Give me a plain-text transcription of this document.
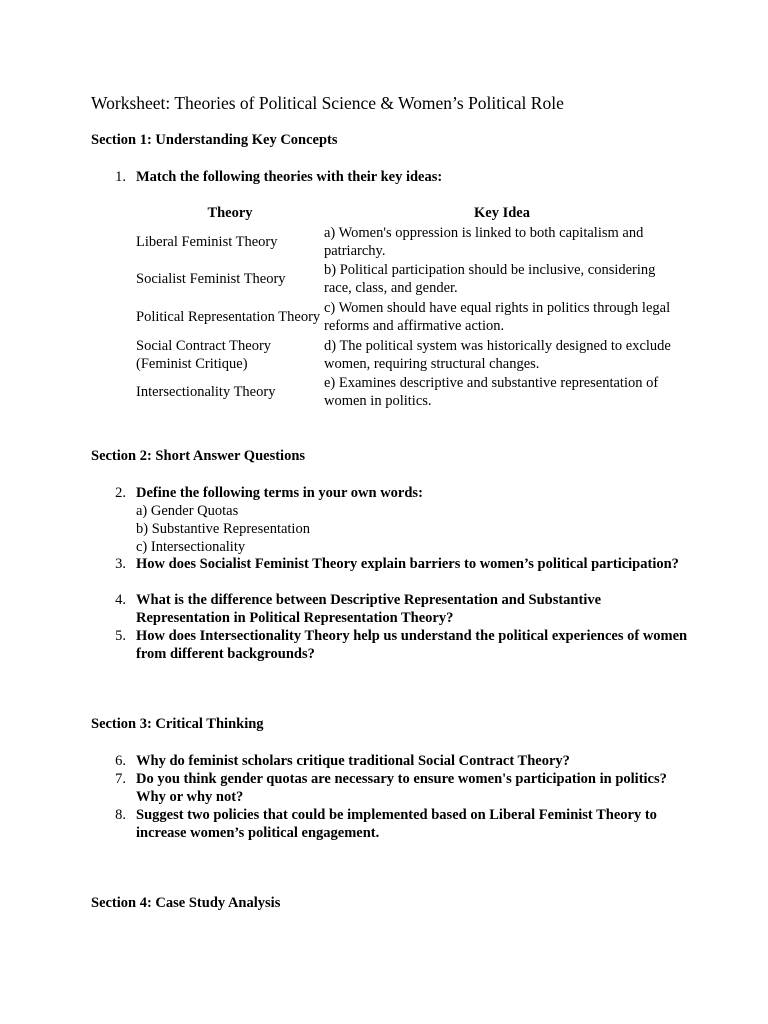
Worksheet: Theories of Political Science & Women’s Political Role
Section 1: Understanding Key Concepts
1. Match the following theories with their key ideas:
Theory	Key Idea
Liberal Feminist Theory	a) Women's oppression is linked to both capitalism and patriarchy.
Socialist Feminist Theory	b) Political participation should be inclusive, considering race, class, and gender.
Political Representation Theory	c) Women should have equal rights in politics through legal reforms and affirmative action.
Social Contract Theory (Feminist Critique)	d) The political system was historically designed to exclude women, requiring structural changes.
Intersectionality Theory	e) Examines descriptive and substantive representation of women in politics.
Section 2: Short Answer Questions
2. Define the following terms in your own words:
a) Gender Quotas
b) Substantive Representation
c) Intersectionality
3. How does Socialist Feminist Theory explain barriers to women’s political participation?
4. What is the difference between Descriptive Representation and Substantive Representation in Political Representation Theory?
5. How does Intersectionality Theory help us understand the political experiences of women from different backgrounds?
Section 3: Critical Thinking
6. Why do feminist scholars critique traditional Social Contract Theory?
7. Do you think gender quotas are necessary to ensure women's participation in politics? Why or why not?
8. Suggest two policies that could be implemented based on Liberal Feminist Theory to increase women’s political engagement.
Section 4: Case Study Analysis
